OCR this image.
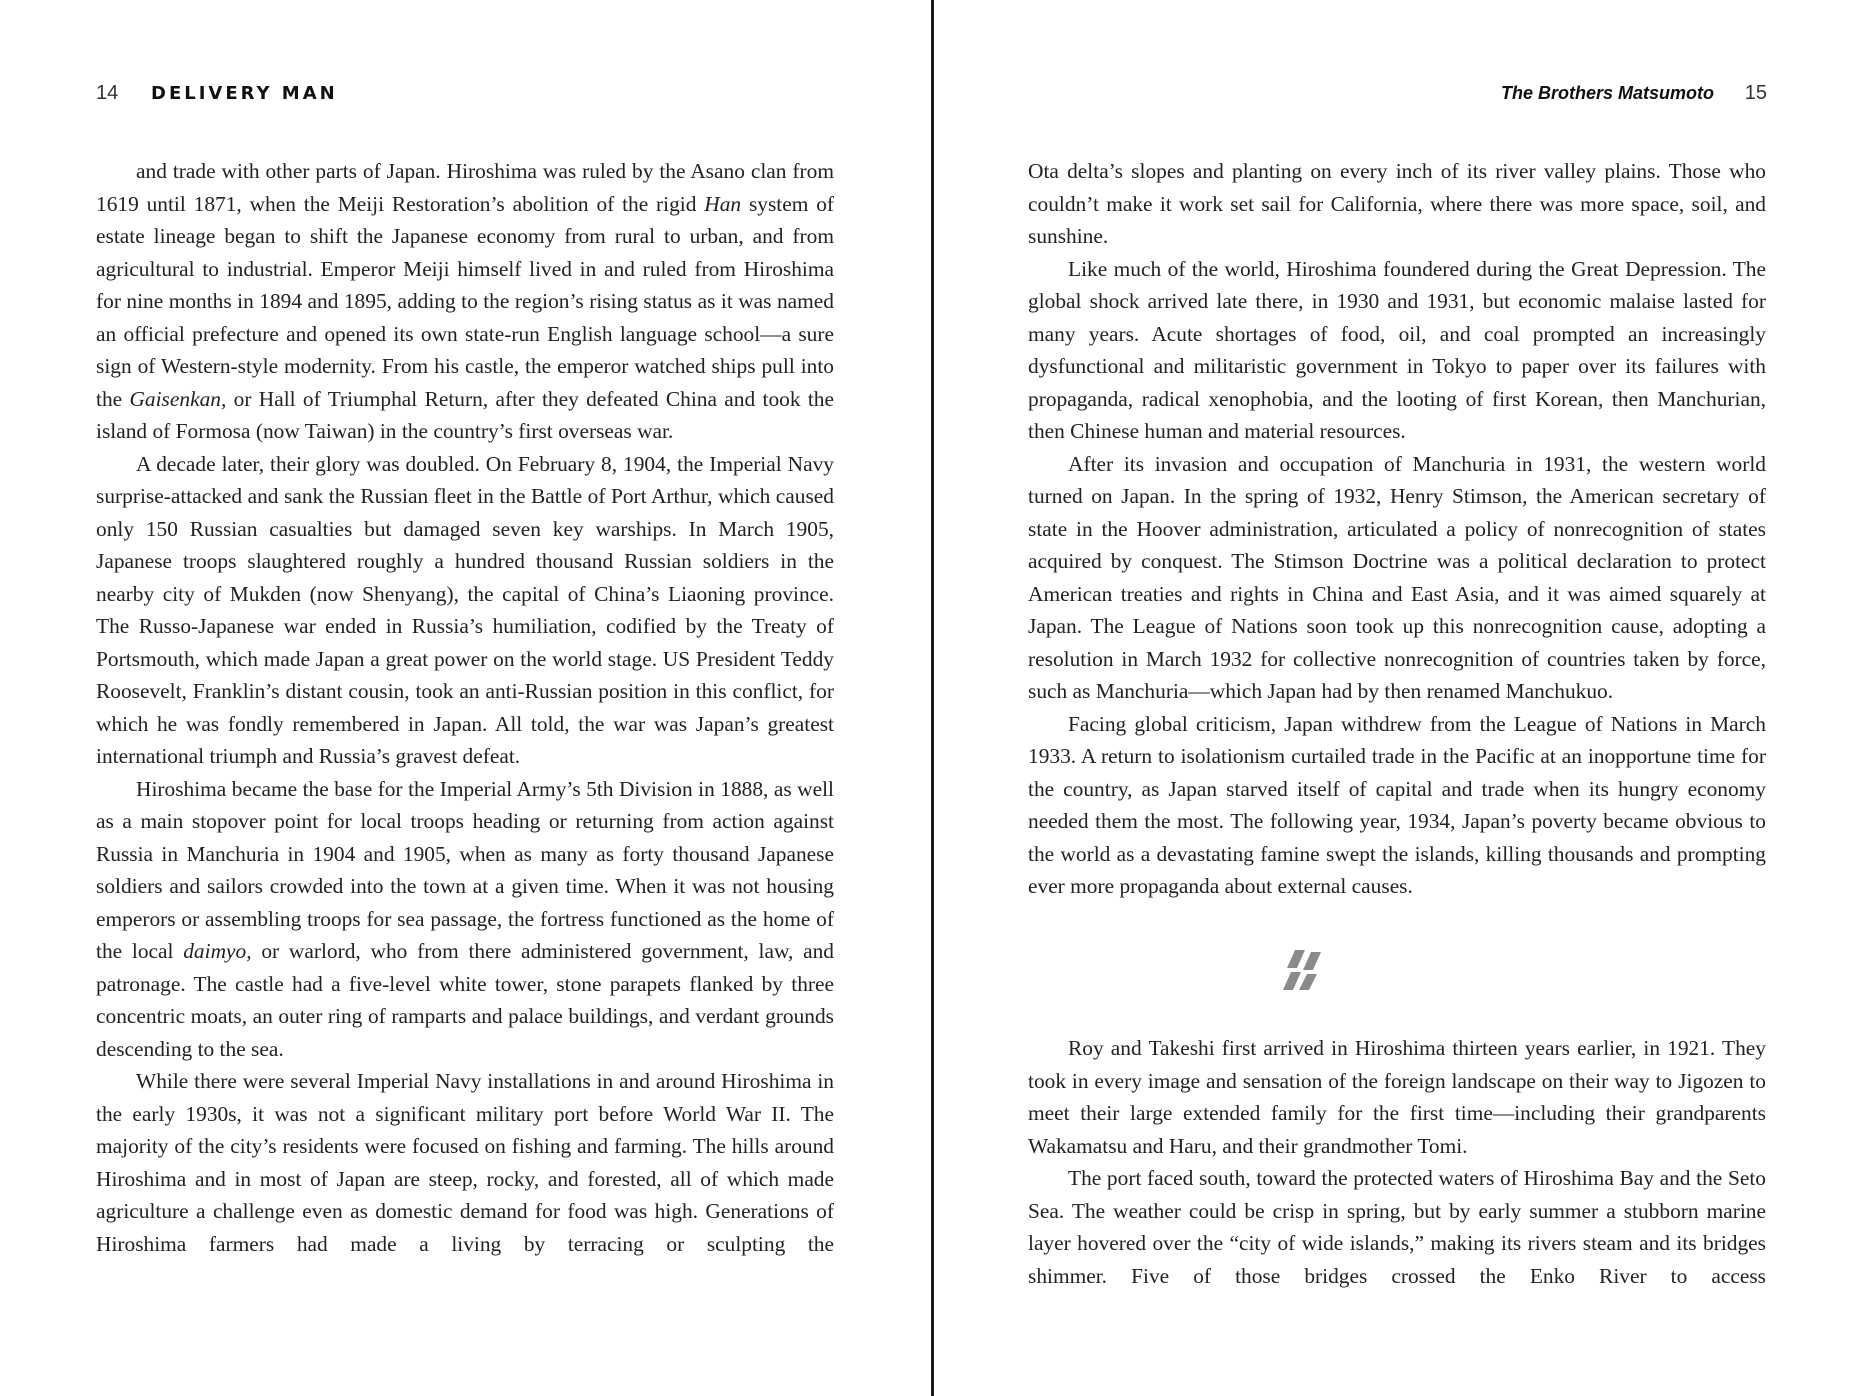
14 DELIVERY MAN

and trade with other parts of Japan. Hiroshima was ruled by the Asano clan from 1619 until 1871, when the Meiji Restoration’s abolition of the rigid Han system of estate lineage began to shift the Japanese economy from rural to urban, and from agricultural to industrial. Emperor Meiji himself lived in and ruled from Hiroshima for nine months in 1894 and 1895, adding to the region’s rising status as it was named an official prefecture and opened its own state-run English language school—a sure sign of Western-style modernity. From his castle, the emperor watched ships pull into the Gaisenkan, or Hall of Triumphal Return, after they defeated China and took the island of Formosa (now Taiwan) in the country’s first overseas war.

A decade later, their glory was doubled. On February 8, 1904, the Imperial Navy surprise-attacked and sank the Russian fleet in the Battle of Port Arthur, which caused only 150 Russian casualties but damaged seven key warships. In March 1905, Japanese troops slaughtered roughly a hundred thousand Russian soldiers in the nearby city of Mukden (now Shenyang), the capital of China’s Liaoning province. The Russo-Japanese war ended in Russia’s humiliation, codified by the Treaty of Portsmouth, which made Japan a great power on the world stage. US President Teddy Roosevelt, Franklin’s distant cousin, took an anti-Russian position in this conflict, for which he was fondly remembered in Japan. All told, the war was Japan’s greatest international triumph and Russia’s gravest defeat.

Hiroshima became the base for the Imperial Army’s 5th Division in 1888, as well as a main stopover point for local troops heading or returning from action against Russia in Manchuria in 1904 and 1905, when as many as forty thousand Japanese soldiers and sailors crowded into the town at a given time. When it was not housing emperors or assembling troops for sea passage, the fortress functioned as the home of the local daimyo, or warlord, who from there administered government, law, and patronage. The castle had a five-level white tower, stone parapets flanked by three concentric moats, an outer ring of ramparts and palace buildings, and verdant grounds descending to the sea.

While there were several Imperial Navy installations in and around Hiroshima in the early 1930s, it was not a significant military port before World War II. The majority of the city’s residents were focused on fishing and farming. The hills around Hiroshima and in most of Japan are steep, rocky, and forested, all of which made agriculture a challenge even as domestic demand for food was high. Generations of Hiroshima farmers had made a living by terracing or sculpting the

The Brothers Matsumoto 15

Ota delta’s slopes and planting on every inch of its river valley plains. Those who couldn’t make it work set sail for California, where there was more space, soil, and sunshine.

Like much of the world, Hiroshima foundered during the Great Depression. The global shock arrived late there, in 1930 and 1931, but economic malaise lasted for many years. Acute shortages of food, oil, and coal prompted an increasingly dysfunctional and militaristic government in Tokyo to paper over its failures with propaganda, radical xenophobia, and the looting of first Korean, then Manchurian, then Chinese human and material resources.

After its invasion and occupation of Manchuria in 1931, the western world turned on Japan. In the spring of 1932, Henry Stimson, the American secretary of state in the Hoover administration, articulated a policy of nonrecognition of states acquired by conquest. The Stimson Doctrine was a political declaration to protect American treaties and rights in China and East Asia, and it was aimed squarely at Japan. The League of Nations soon took up this nonrecognition cause, adopting a resolution in March 1932 for collective nonrecognition of countries taken by force, such as Manchuria—which Japan had by then renamed Manchukuo.

Facing global criticism, Japan withdrew from the League of Nations in March 1933. A return to isolationism curtailed trade in the Pacific at an inopportune time for the country, as Japan starved itself of capital and trade when its hungry economy needed them the most. The following year, 1934, Japan’s poverty became obvious to the world as a devastating famine swept the islands, killing thousands and prompting ever more propaganda about external causes.

Roy and Takeshi first arrived in Hiroshima thirteen years earlier, in 1921. They took in every image and sensation of the foreign landscape on their way to Jigozen to meet their large extended family for the first time—including their grandparents Wakamatsu and Haru, and their grandmother Tomi.

The port faced south, toward the protected waters of Hiroshima Bay and the Seto Sea. The weather could be crisp in spring, but by early summer a stubborn marine layer hovered over the “city of wide islands,” making its rivers steam and its bridges shimmer. Five of those bridges crossed the Enko River to access
